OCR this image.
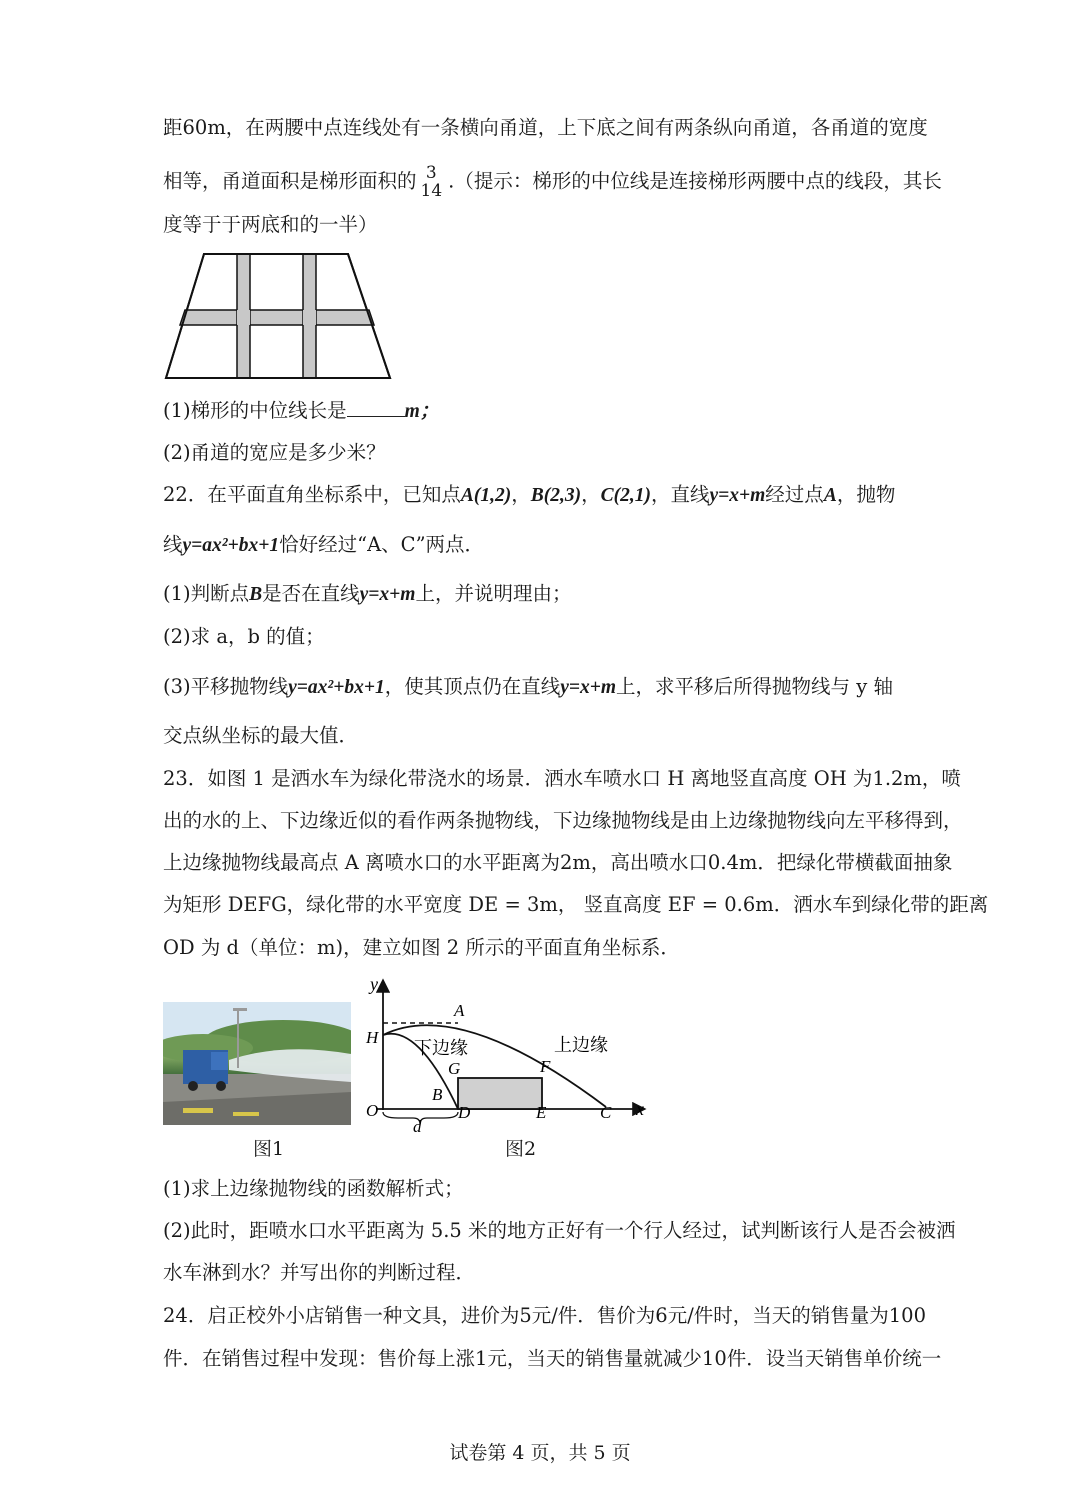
距60m，在两腰中点连线处有一条横向甬道，上下底之间有两条纵向甬道，各甬道的宽度
相等，甬道面积是梯形面积的 3
14 .（提示：梯形的中位线是连接梯形两腰中点的线段，其长
度等于于两底和的一半）
(1)梯形的中位线长是	m；
(2)甬道的宽应是多少米？
22．在平面直角坐标系中，已知点A(1,2)，B(2,3)，C(2,1)，直线y=x+m经过点A，抛物
线y=ax²+bx+1恰好经过“A、C”两点．
(1)判断点B是否在直线y=x+m上，并说明理由；
(2)求 a，b 的值；
(3)平移抛物线y=ax²+bx+1，使其顶点仍在直线y=x+m上，求平移后所得抛物线与 y 轴
交点纵坐标的最大值．
23．如图 1 是洒水车为绿化带浇水的场景．洒水车喷水口 H 离地竖直高度 OH 为1.2m，喷
出的水的上、下边缘近似的看作两条抛物线，下边缘抛物线是由上边缘抛物线向左平移得到，
上边缘抛物线最高点 A 离喷水口的水平距离为2m，高出喷水口0.4m．把绿化带横截面抽象
为矩形 DEFG，绿化带的水平宽度 DE = 3m， 竖直高度 EF = 0.6m．洒水车到绿化带的距离
OD 为 d（单位：m)，建立如图 2 所示的平面直角坐标系．
图1
y
x
O
H
A
B
D	E	C
F
G
d
下边缘	上边缘
图2
(1)求上边缘抛物线的函数解析式；
(2)此时，距喷水口水平距离为 5.5 米的地方正好有一个行人经过，试判断该行人是否会被洒
水车淋到水？并写出你的判断过程．
24．启正校外小店销售一种文具，进价为5元/件．售价为6元/件时，当天的销售量为100
件．在销售过程中发现：售价每上涨1元，当天的销售量就减少10件．设当天销售单价统一
试卷第 4 页，共 5 页
